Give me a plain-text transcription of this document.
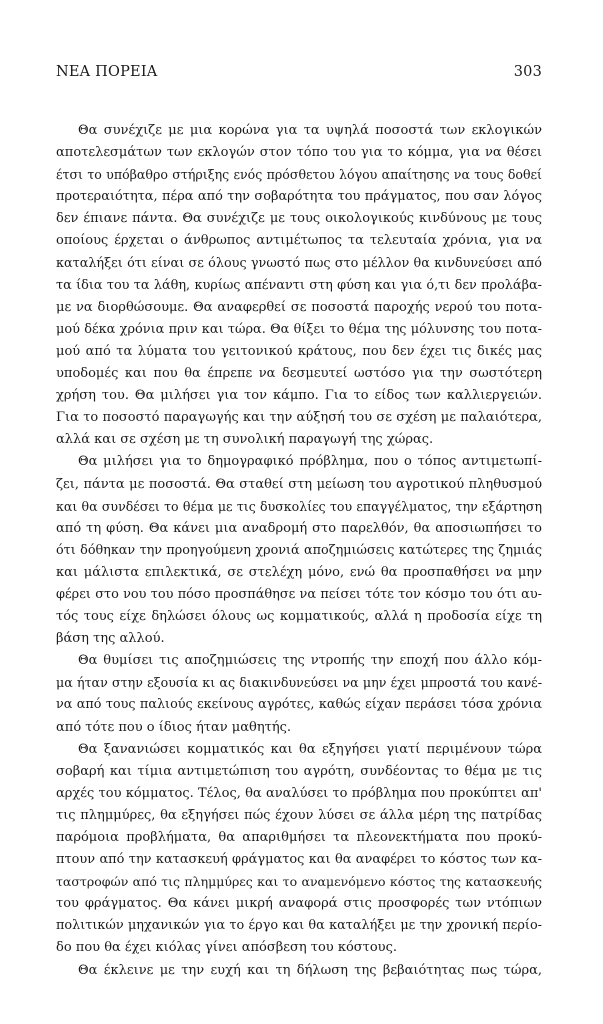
ΝΕΑ ΠΟΡΕΙΑ	303
Θα συνέχιζε με μια κορώνα για τα υψηλά ποσοστά των εκλογικών
αποτελεσμάτων των εκλογών στον τόπο του για το κόμμα, για να θέσει
έτσι το υπόβαθρο στήριξης ενός πρόσθετου λόγου απαίτησης να τους δοθεί
προτεραιότητα, πέρα από την σοβαρότητα του πράγματος, που σαν λόγος
δεν έπιανε πάντα. Θα συνέχιζε με τους οικολογικούς κινδύνους με τους
οποίους έρχεται ο άνθρωπος αντιμέτωπος τα τελευταία χρόνια, για να
καταλήξει ότι είναι σε όλους γνωστό πως στο μέλλον θα κινδυνεύσει από
τα ίδια του τα λάθη, κυρίως απέναντι στη φύση και για ό,τι δεν προλάβα-
με να διορθώσουμε. Θα αναφερθεί σε ποσοστά παροχής νερού του ποτα-
μού δέκα χρόνια πριν και τώρα. Θα θίξει το θέμα της μόλυνσης του ποτα-
μού από τα λύματα του γειτονικού κράτους, που δεν έχει τις δικές μας
υποδομές και που θα έπρεπε να δεσμευτεί ωστόσο για την σωστότερη
χρήση του. Θα μιλήσει για τον κάμπο. Για το είδος των καλλιεργειών.
Για το ποσοστό παραγωγής και την αύξησή του σε σχέση με παλαιότερα,
αλλά και σε σχέση με τη συνολική παραγωγή της χώρας.
Θα μιλήσει για το δημογραφικό πρόβλημα, που ο τόπος αντιμετωπί-
ζει, πάντα με ποσοστά. Θα σταθεί στη μείωση του αγροτικού πληθυσμού
και θα συνδέσει το θέμα με τις δυσκολίες του επαγγέλματος, την εξάρτηση
από τη φύση. Θα κάνει μια αναδρομή στο παρελθόν, θα αποσιωπήσει το
ότι δόθηκαν την προηγούμενη χρονιά αποζημιώσεις κατώτερες της ζημιάς
και μάλιστα επιλεκτικά, σε στελέχη μόνο, ενώ θα προσπαθήσει να μην
φέρει στο νου του πόσο προσπάθησε να πείσει τότε τον κόσμο του ότι αυ-
τός τους είχε δηλώσει όλους ως κομματικούς, αλλά η προδοσία είχε τη
βάση της αλλού.
Θα θυμίσει τις αποζημιώσεις της ντροπής την εποχή που άλλο κόμ-
μα ήταν στην εξουσία κι ας διακινδυνεύσει να μην έχει μπροστά του κανέ-
να από τους παλιούς εκείνους αγρότες, καθώς είχαν περάσει τόσα χρόνια
από τότε που ο ίδιος ήταν μαθητής.
Θα ξανανιώσει κομματικός και θα εξηγήσει γιατί περιμένουν τώρα
σοβαρή και τίμια αντιμετώπιση του αγρότη, συνδέοντας το θέμα με τις
αρχές του κόμματος. Τέλος, θα αναλύσει το πρόβλημα που προκύπτει απ'
τις πλημμύρες, θα εξηγήσει πώς έχουν λύσει σε άλλα μέρη της πατρίδας
παρόμοια προβλήματα, θα απαριθμήσει τα πλεονεκτήματα που προκύ-
πτουν από την κατασκευή φράγματος και θα αναφέρει το κόστος των κα-
ταστροφών από τις πλημμύρες και το αναμενόμενο κόστος της κατασκευής
του φράγματος. Θα κάνει μικρή αναφορά στις προσφορές των ντόπιων
πολιτικών μηχανικών για το έργο και θα καταλήξει με την χρονική περίο-
δο που θα έχει κιόλας γίνει απόσβεση του κόστους.
Θα έκλεινε με την ευχή και τη δήλωση της βεβαιότητας πως τώρα,
